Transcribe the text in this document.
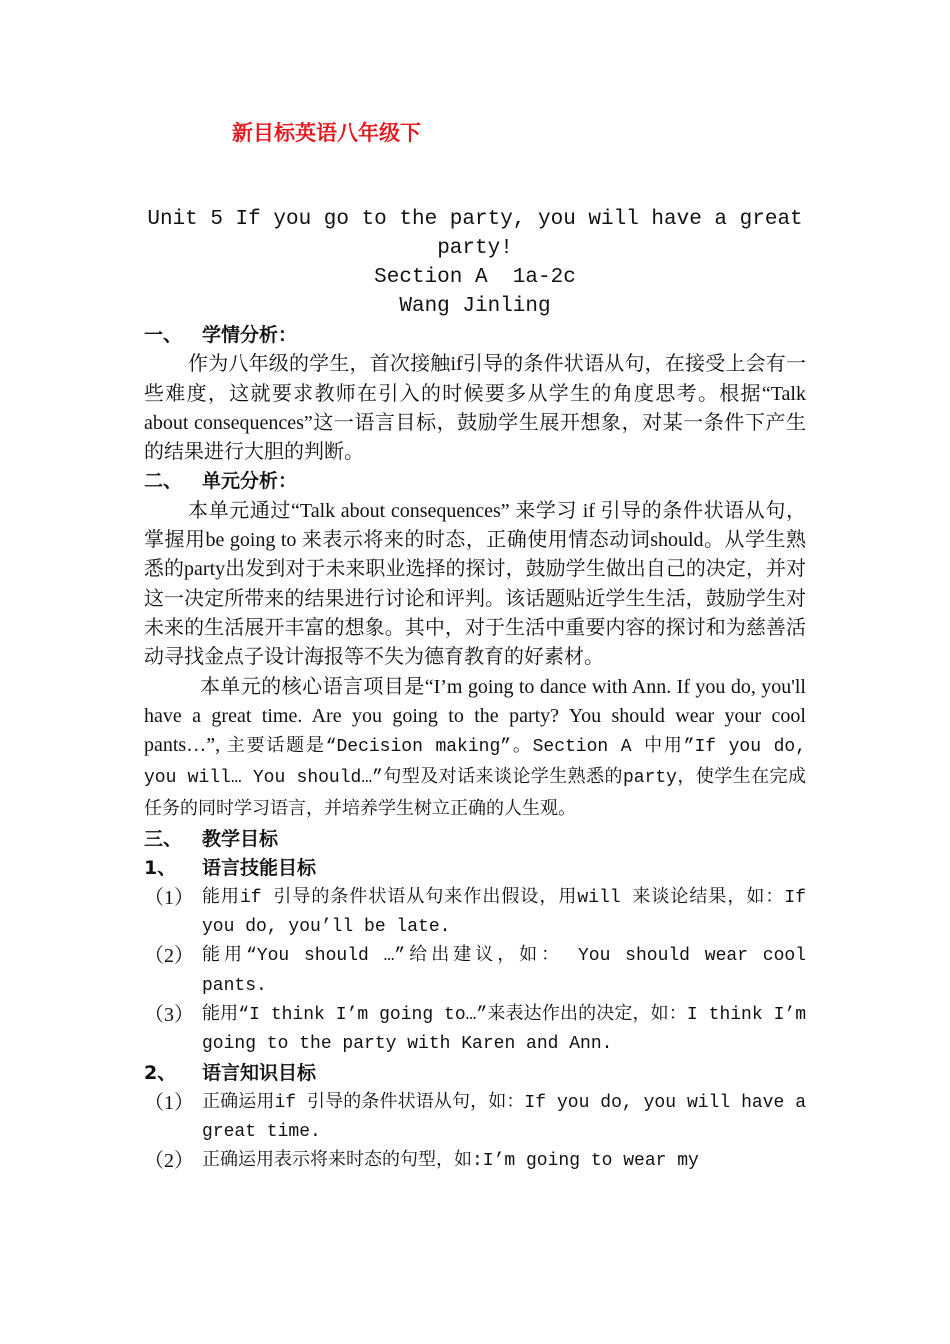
新目标英语八年级下
Unit 5 If you go to the party, you will have a great
party!
Section A  1a-2c
Wang Jinling
一、	学情分析：
作为八年级的学生，首次接触if引导的条件状语从句，在接受上会有一些难度，这就要求教师在引入的时候要多从学生的角度思考。根据“Talk about consequences”这一语言目标，鼓励学生展开想象，对某一条件下产生的结果进行大胆的判断。
二、	单元分析：
本单元通过“Talk about consequences” 来学习 if 引导的条件状语从句，掌握用be going to 来表示将来的时态，正确使用情态动词should。从学生熟悉的party出发到对于未来职业选择的探讨，鼓励学生做出自己的决定，并对这一决定所带来的结果进行讨论和评判。该话题贴近学生生活，鼓励学生对未来的生活展开丰富的想象。其中，对于生活中重要内容的探讨和为慈善活动寻找金点子设计海报等不失为德育教育的好素材。
本单元的核心语言项目是“I’m going to dance with Ann. If you do, you'll have a great time. Are you going to the party? You should wear your cool pants…”, 主要话题是“Decision making”。Section A 中用”If you do, you will… You should…”句型及对话来谈论学生熟悉的party，使学生在完成任务的同时学习语言，并培养学生树立正确的人生观。
三、	教学目标
1、	语言技能目标
（1） 能用if 引导的条件状语从句来作出假设，用will 来谈论结果，如：If you do, you’ll be late.
（2） 能用“You should …”给出建议，如： You should wear cool pants.
（3） 能用“I think I’m going to…”来表达作出的决定，如：I think I’m going to the party with Karen and Ann.
2、	语言知识目标
（1） 正确运用if 引导的条件状语从句，如：If you do, you will have a great time.
（2） 正确运用表示将来时态的句型，如:I’m going to wear my
